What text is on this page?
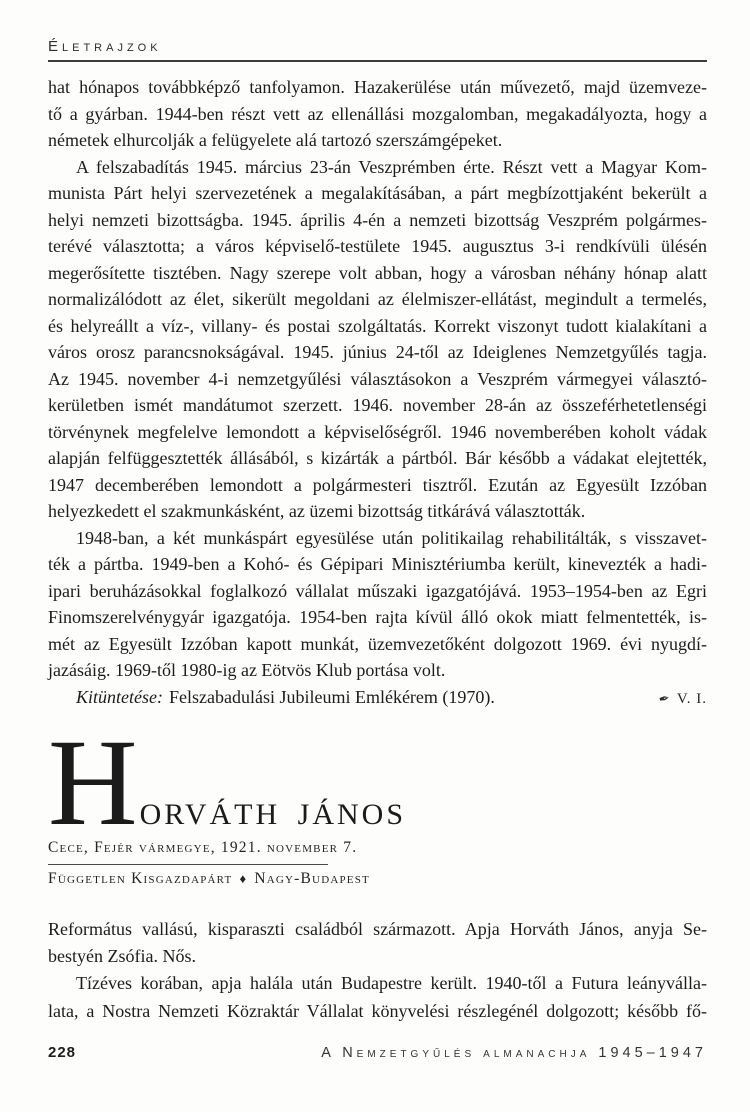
Életrajzok
hat hónapos továbbképző tanfolyamon. Hazakerülése után művezető, majd üzemveze-
tő a gyárban. 1944-ben részt vett az ellenállási mozgalomban, megakadályozta, hogy a
németek elhurcolják a felügyelete alá tartozó szerszámgépeket.
A felszabadítás 1945. március 23-án Veszprémben érte. Részt vett a Magyar Kom-
munista Párt helyi szervezetének a megalakításában, a párt megbízottjaként bekerült a
helyi nemzeti bizottságba. 1945. április 4-én a nemzeti bizottság Veszprém polgármes-
terévé választotta; a város képviselő-testülete 1945. augusztus 3-i rendkívüli ülésén
megerősítette tisztében. Nagy szerepe volt abban, hogy a városban néhány hónap alatt
normalizálódott az élet, sikerült megoldani az élelmiszer-ellátást, megindult a termelés,
és helyreállt a víz-, villany- és postai szolgáltatás. Korrekt viszonyt tudott kialakítani a
város orosz parancsnokságával. 1945. június 24-től az Ideiglenes Nemzetgyűlés tagja.
Az 1945. november 4-i nemzetgyűlési választásokon a Veszprém vármegyei választó-
kerületben ismét mandátumot szerzett. 1946. november 28-án az összeférhetetlenségi
törvénynek megfelelve lemondott a képviselőségről. 1946 novemberében koholt vádak
alapján felfüggesztették állásából, s kizárták a pártból. Bár később a vádakat elejtették,
1947 decemberében lemondott a polgármesteri tisztről. Ezután az Egyesült Izzóban
helyezkedett el szakmunkásként, az üzemi bizottság titkárává választották.
1948-ban, a két munkáspárt egyesülése után politikailag rehabilitálták, s visszavet-
ték a pártba. 1949-ben a Kohó- és Gépipari Minisztériumba került, kinevezték a hadi-
ipari beruházásokkal foglalkozó vállalat műszaki igazgatójává. 1953–1954-ben az Egri
Finomszerelvénygyár igazgatója. 1954-ben rajta kívül álló okok miatt felmentették, is-
mét az Egyesült Izzóban kapott munkát, üzemvezetőként dolgozott 1969. évi nyugdí-
jazásáig. 1969-től 1980-ig az Eötvös Klub portása volt.
Kitüntetése: Felszabadulási Jubileumi Emlékérem (1970).	✒ V. I.
H ORVÁTH JÁNOS
Cece, Fejér vármegye, 1921. november 7.
Független Kisgazdapárt ♦ Nagy-Budapest
Református vallású, kisparaszti családból származott. Apja Horváth János, anyja Se-
bestyén Zsófia. Nős.
Tízéves korában, apja halála után Budapestre került. 1940-től a Futura leányválla-
lata, a Nostra Nemzeti Közraktár Vállalat könyvelési részlegénél dolgozott; később fő-
228	A Nemzetgyűlés almanachja 1945–1947
